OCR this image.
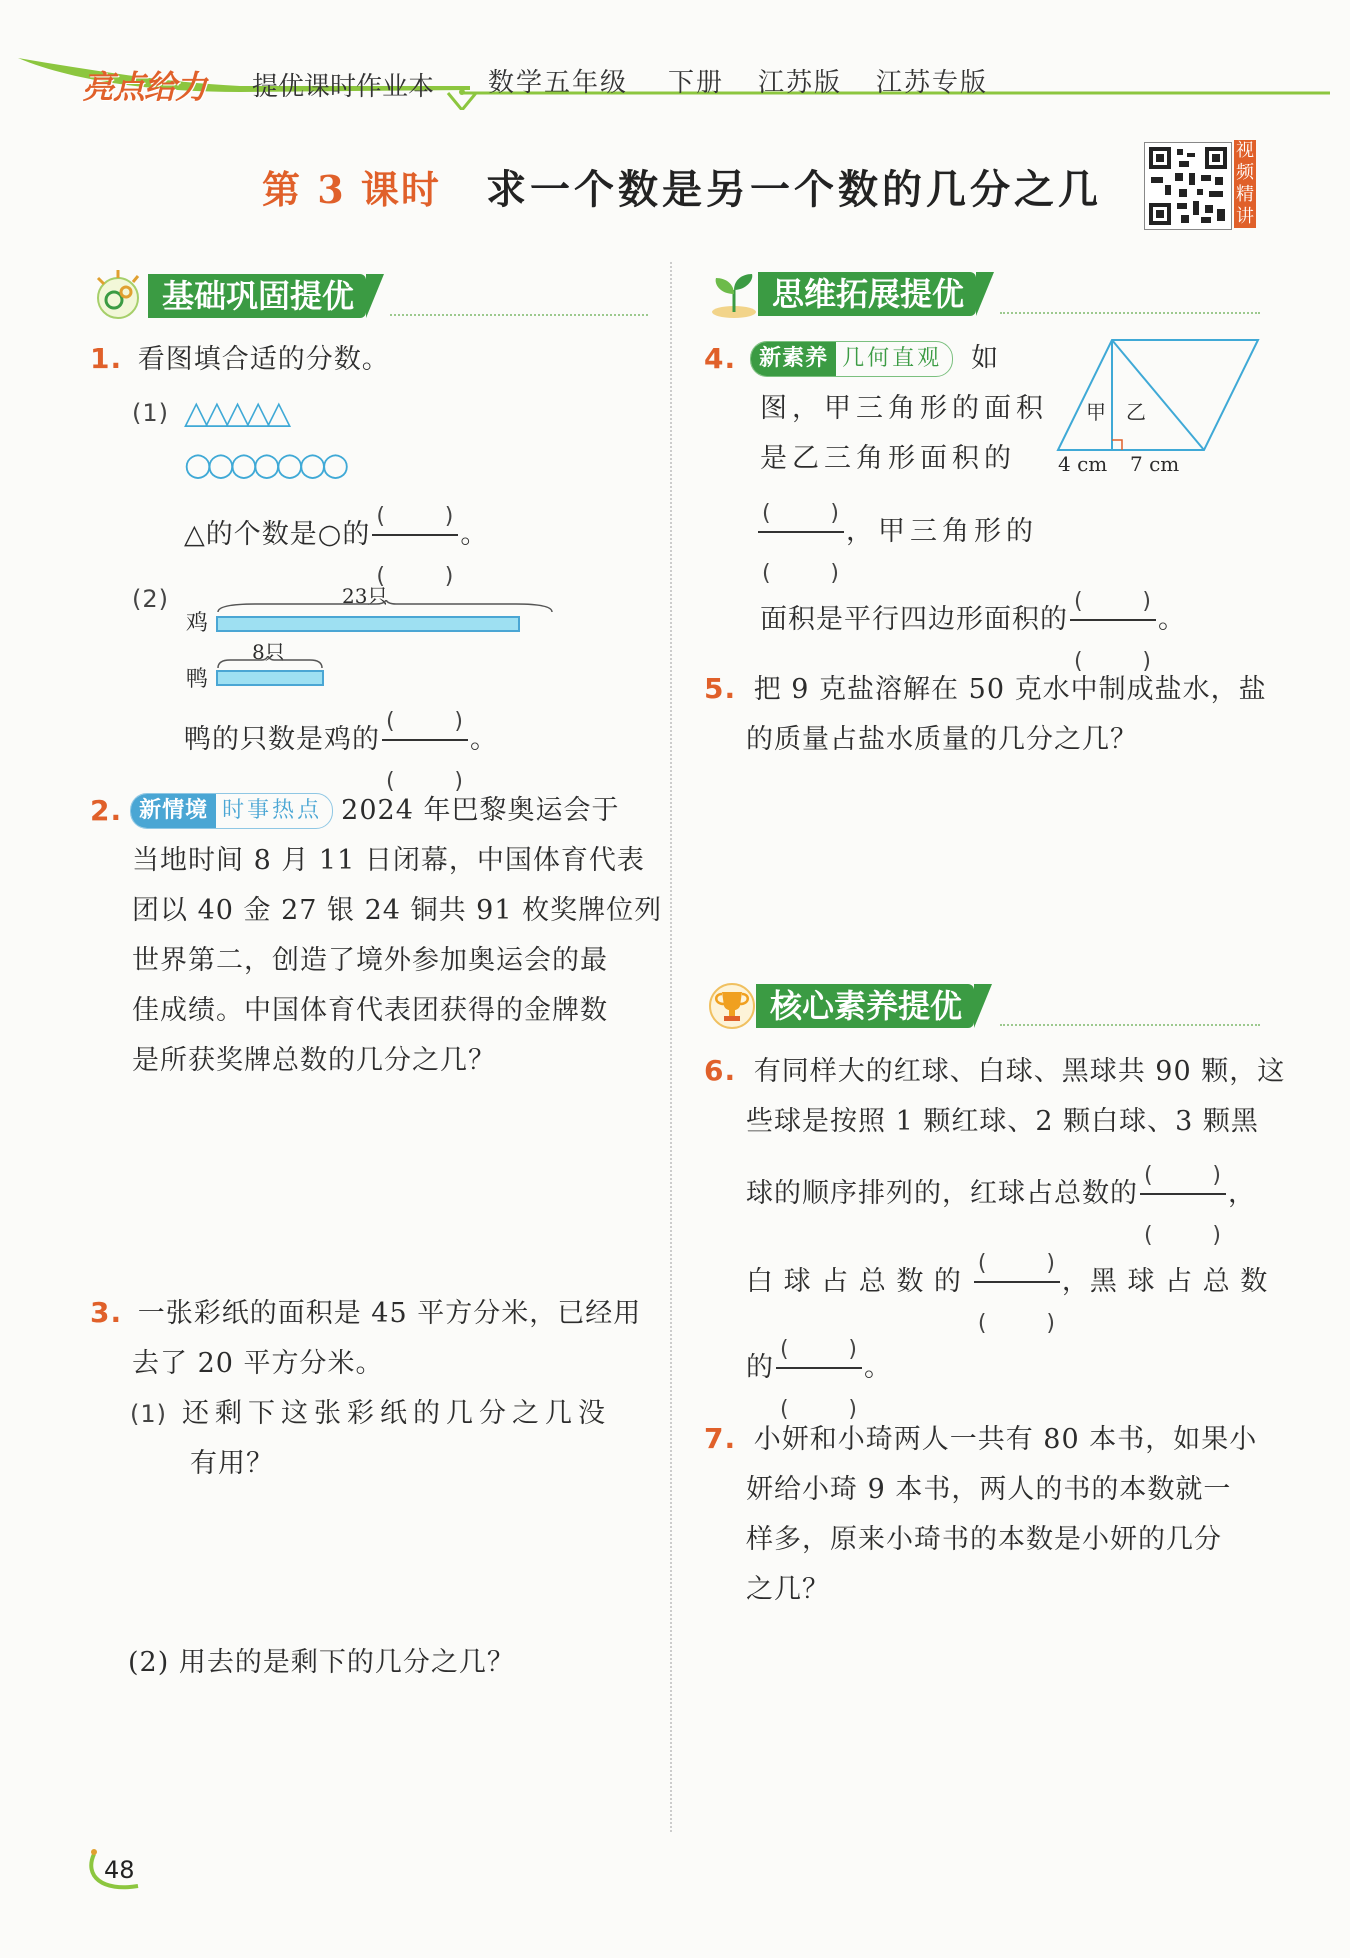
亮点给力 提优课时作业本 数学五年级 下册 江苏版 江苏专版
第 3 课时 求一个数是另一个数的几分之几
视频精讲
基础巩固提优
1. 看图填合适的分数。
(1) △△△△△
○○○○○○○
△的个数是○的
(	)
(	)
。
(2)
鸡
鸭
23只
8只
鸭的只数是鸡的
(	)
(	)
。
2. 新情境 时事热点 2024 年巴黎奥运会于
当地时间 8 月 11 日闭幕，中国体育代表
团以 40 金 27 银 24 铜共 91 枚奖牌位列
世界第二，创造了境外参加奥运会的最
佳成绩。中国体育代表团获得的金牌数
是所获奖牌总数的几分之几？
3. 一张彩纸的面积是 45 平方分米，已经用
去了 20 平方分米。
(1) 还剩下这张彩纸的几分之几没
有用？
(2) 用去的是剩下的几分之几？
思维拓展提优
4.	新素养 几何直观	如
图，甲三角形的面积
是乙三角形面积的
(	)
(	)
，甲三角形的
面积是平行四边形面积的
(	)
(	)
。
甲 乙
4 cm 7 cm
5. 把 9 克盐溶解在 50 克水中制成盐水，盐
的质量占盐水质量的几分之几？
核心素养提优
6. 有同样大的红球、白球、黑球共 90 颗，这
些球是按照 1 颗红球、2 颗白球、3 颗黑
球的顺序排列的，红球占总数的
(	)
(	)
，
白 球 占 总 数 的
(	)
(	)
，黑 球 占 总 数
的
(	)
(	)
。
7. 小妍和小琦两人一共有 80 本书，如果小
妍给小琦 9 本书，两人的书的本数就一
样多，原来小琦书的本数是小妍的几分
之几？
48
